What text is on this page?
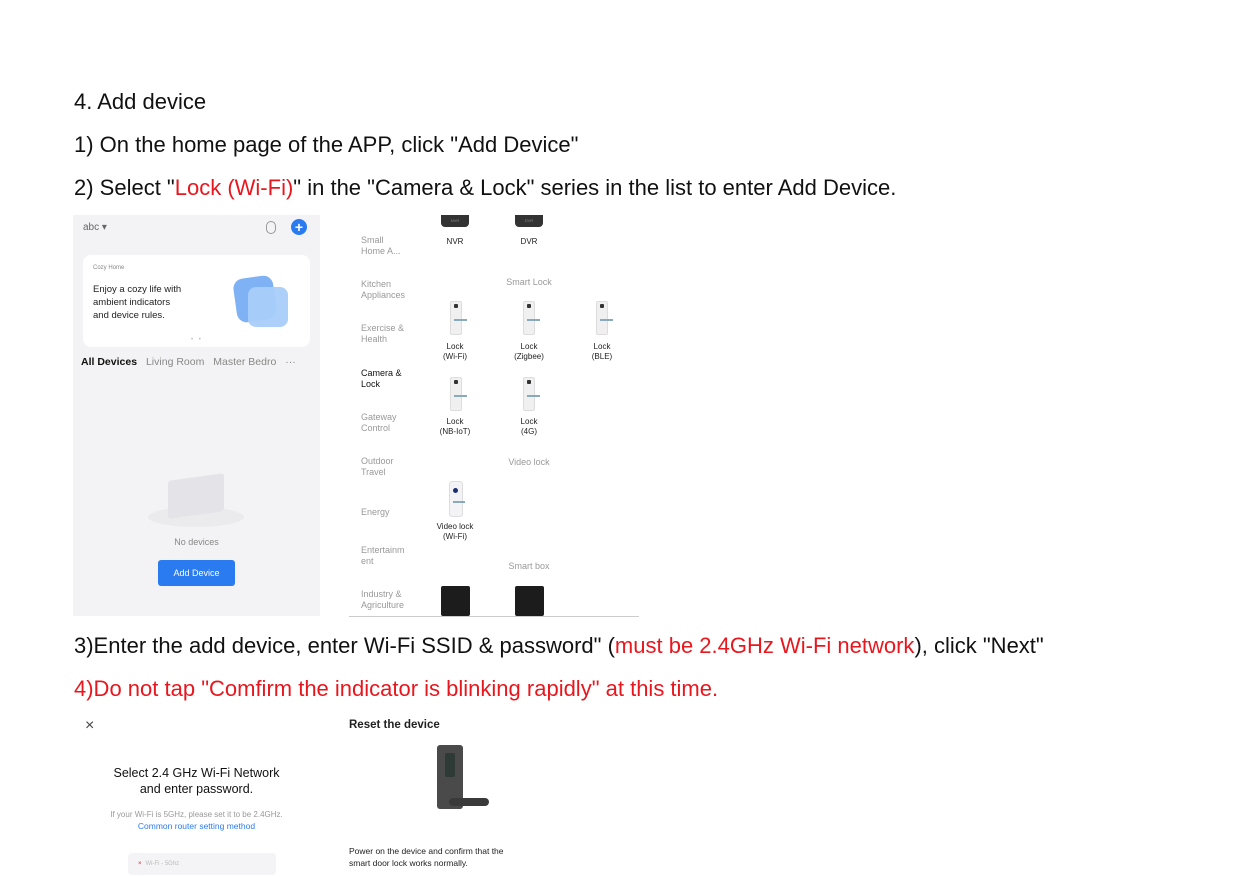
4. Add device
1) On the home page of the APP, click "Add Device"
2) Select "Lock (Wi-Fi)" in the "Camera & Lock" series in the list to enter Add Device.
abc ▾	+
Cozy Home
Enjoy a cozy life with
ambient indicators
and device rules.
• •
All Devices Living Room Master Bedro ···
No devices
Add Device
Small
Home A...
Kitchen
Appliances
Exercise &
Health
Camera &
Lock
Gateway
Control
Outdoor
Travel
Energy
Entertainm
ent
Industry &
Agriculture
NVR	DVR
NVR	DVR
Smart Lock
Lock
(Wi-Fi)
Lock
(Zigbee)
Lock
(BLE)
Lock
(NB-IoT)
Lock
(4G)
Video lock
Video lock
(Wi-Fi)
Smart box
3)Enter the add device, enter Wi-Fi SSID & password" (must be 2.4GHz Wi-Fi network), click "Next"
4)Do not tap "Comfirm the indicator is blinking rapidly" at this time.
×
Select 2.4 GHz Wi-Fi Network
and enter password.
If your Wi-Fi is 5GHz, please set it to be 2.4GHz.
Common router setting method
× Wi-Fi - 5Ghz
Reset the device
Power on the device and confirm that the
smart door lock works normally.
